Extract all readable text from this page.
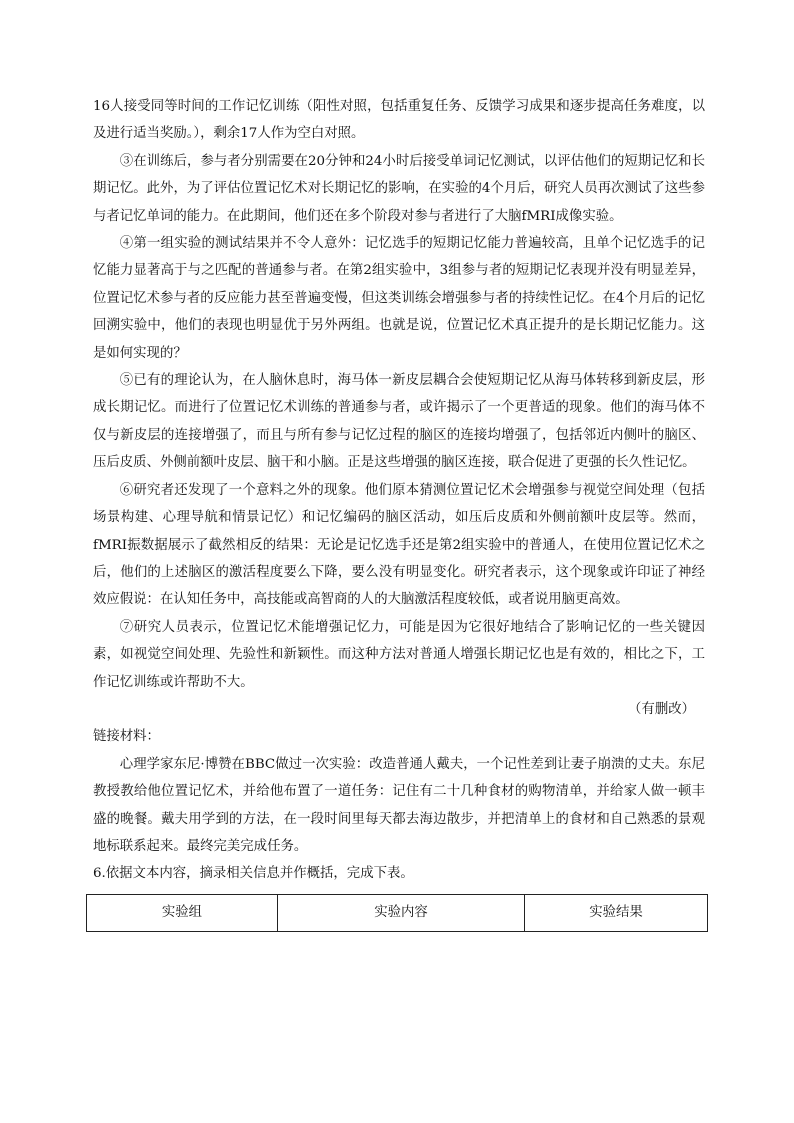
16人接受同等时间的工作记忆训练（阳性对照，包括重复任务、反馈学习成果和逐步提高任务难度，以及进行适当奖励。），剩余17人作为空白对照。

③在训练后，参与者分别需要在20分钟和24小时后接受单词记忆测试，以评估他们的短期记忆和长期记忆。此外，为了评估位置记忆术对长期记忆的影响，在实验的4个月后，研究人员再次测试了这些参与者记忆单词的能力。在此期间，他们还在多个阶段对参与者进行了大脑fMRI成像实验。

④第一组实验的测试结果并不令人意外：记忆选手的短期记忆能力普遍较高，且单个记忆选手的记忆能力显著高于与之匹配的普通参与者。在第2组实验中，3组参与者的短期记忆表现并没有明显差异，位置记忆术参与者的反应能力甚至普遍变慢，但这类训练会增强参与者的持续性记忆。在4个月后的记忆回溯实验中，他们的表现也明显优于另外两组。也就是说，位置记忆术真正提升的是长期记忆能力。这是如何实现的？

⑤已有的理论认为，在人脑休息时，海马体一新皮层耦合会使短期记忆从海马体转移到新皮层，形成长期记忆。而进行了位置记忆术训练的普通参与者，或许揭示了一个更普适的现象。他们的海马体不仅与新皮层的连接增强了，而且与所有参与记忆过程的脑区的连接均增强了，包括邻近内侧叶的脑区、压后皮质、外侧前额叶皮层、脑干和小脑。正是这些增强的脑区连接，联合促进了更强的长久性记忆。

⑥研究者还发现了一个意料之外的现象。他们原本猜测位置记忆术会增强参与视觉空间处理（包括场景构建、心理导航和情景记忆）和记忆编码的脑区活动，如压后皮质和外侧前额叶皮层等。然而，fMRI振数据展示了截然相反的结果：无论是记忆选手还是第2组实验中的普通人，在使用位置记忆术之后，他们的上述脑区的激活程度要么下降，要么没有明显变化。研究者表示，这个现象或许印证了神经效应假说：在认知任务中，高技能或高智商的人的大脑激活程度较低，或者说用脑更高效。

⑦研究人员表示，位置记忆术能增强记忆力，可能是因为它很好地结合了影响记忆的一些关键因素，如视觉空间处理、先验性和新颖性。而这种方法对普通人增强长期记忆也是有效的，相比之下，工作记忆训练或许帮助不大。

（有删改）

链接材料：

心理学家东尼·博赞在BBC做过一次实验：改造普通人戴夫，一个记性差到让妻子崩溃的丈夫。东尼教授教给他位置记忆术，并给他布置了一道任务：记住有二十几种食材的购物清单，并给家人做一顿丰盛的晚餐。戴夫用学到的方法，在一段时间里每天都去海边散步，并把清单上的食材和自己熟悉的景观地标联系起来。最终完美完成任务。

6.依据文本内容，摘录相关信息并作概括，完成下表。

实验组	实验内容	实验结果
